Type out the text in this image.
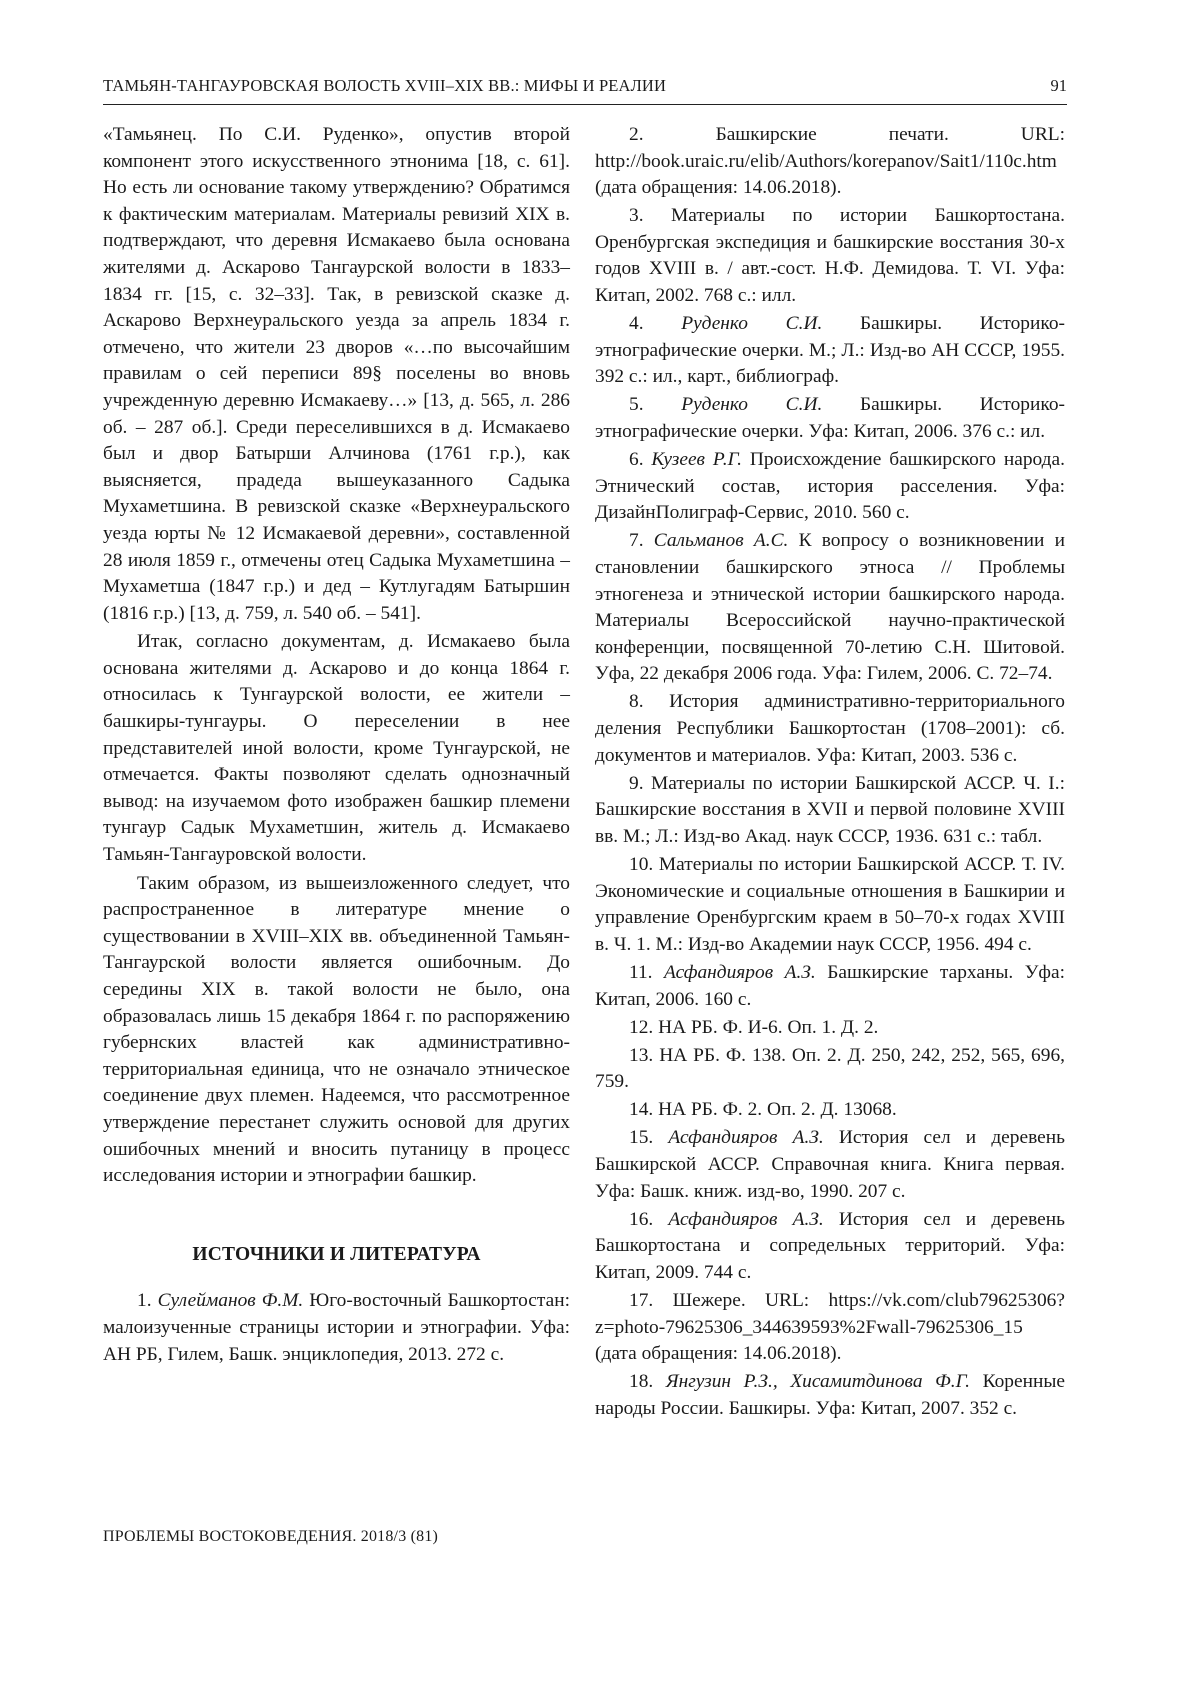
ТАМЬЯН-ТАНГАУРОВСКАЯ ВОЛОСТЬ XVIII–XIX ВВ.: МИФЫ И РЕАЛИИ	91

«Тамьянец. По С.И. Руденко», опустив второй компонент этого искусственного этнонима [18, с. 61]. Но есть ли основание такому утверждению? Обратимся к фактическим материалам. Материалы ревизий XIX в. подтверждают, что деревня Исмакаево была основана жителями д. Аскарово Тангаурской волости в 1833–1834 гг. [15, с. 32–33]. Так, в ревизской сказке д. Аскарово Верхнеуральского уезда за апрель 1834 г. отмечено, что жители 23 дворов «…по высочайшим правилам о сей переписи 89§ поселены во вновь учрежденную деревню Исмакаеву…» [13, д. 565, л. 286 об. – 287 об.]. Среди переселившихся в д. Исмакаево был и двор Батырши Алчинова (1761 г.р.), как выясняется, прадеда вышеуказанного Садыка Мухаметшина. В ревизской сказке «Верхнеуральского уезда юрты № 12 Исмакаевой деревни», составленной 28 июля 1859 г., отмечены отец Садыка Мухаметшина – Мухаметша (1847 г.р.) и дед – Кутлугадям Батыршин (1816 г.р.) [13, д. 759, л. 540 об. – 541].

Итак, согласно документам, д. Исмакаево была основана жителями д. Аскарово и до конца 1864 г. относилась к Тунгаурской волости, ее жители – башкиры-тунгауры. О переселении в нее представителей иной волости, кроме Тунгаурской, не отмечается. Факты позволяют сделать однозначный вывод: на изучаемом фото изображен башкир племени тунгаур Садык Мухаметшин, житель д. Исмакаево Тамьян-Тангауровской волости.

Таким образом, из вышеизложенного следует, что распространенное в литературе мнение о существовании в XVIII–XIX вв. объединенной Тамьян-Тангаурской волости является ошибочным. До середины XIX в. такой волости не было, она образовалась лишь 15 декабря 1864 г. по распоряжению губернских властей как административно-территориальная единица, что не означало этническое соединение двух племен. Надеемся, что рассмотренное утверждение перестанет служить основой для других ошибочных мнений и вносить путаницу в процесс исследования истории и этнографии башкир.

ИСТОЧНИКИ И ЛИТЕРАТУРА

1. Сулейманов Ф.М. Юго-восточный Башкортостан: малоизученные страницы истории и этнографии. Уфа: АН РБ, Гилем, Башк. энциклопедия, 2013. 272 с.

2.	Башкирские печати. URL: http://book.uraic.ru/elib/Authors/korepanov/Sait1/110c.htm (дата обращения: 14.06.2018).

3. Материалы по истории Башкортостана. Оренбургская экспедиция и башкирские восстания 30-х годов XVIII в. / авт.-сост. Н.Ф. Демидова. Т. VI. Уфа: Китап, 2002. 768 с.: илл.

4. Руденко С.И. Башкиры. Историко-этнографические очерки. М.; Л.: Изд-во АН СССР, 1955. 392 с.: ил., карт., библиограф.

5. Руденко С.И. Башкиры. Историко-этнографические очерки. Уфа: Китап, 2006. 376 с.: ил.

6. Кузеев Р.Г. Происхождение башкирского народа. Этнический состав, история расселения. Уфа: ДизайнПолиграф-Сервис, 2010. 560 с.

7. Сальманов А.С. К вопросу о возникновении и становлении башкирского этноса // Проблемы этногенеза и этнической истории башкирского народа. Материалы Всероссийской научно-практической конференции, посвященной 70-летию С.Н. Шитовой. Уфа, 22 декабря 2006 года. Уфа: Гилем, 2006. С. 72–74.

8. История административно-территориального деления Республики Башкортостан (1708–2001): сб. документов и материалов. Уфа: Китап, 2003. 536 с.

9. Материалы по истории Башкирской АССР. Ч. I.: Башкирские восстания в XVII и первой половине XVIII вв. М.; Л.: Изд-во Акад. наук СССР, 1936. 631 с.: табл.

10. Материалы по истории Башкирской АССР. Т. IV. Экономические и социальные отношения в Башкирии и управление Оренбургским краем в 50–70-х годах XVIII в. Ч. 1. М.: Изд-во Академии наук СССР, 1956. 494 с.

11. Асфандияров А.З. Башкирские тарханы. Уфа: Китап, 2006. 160 с.

12. НА РБ. Ф. И-6. Оп. 1. Д. 2.

13. НА РБ. Ф. 138. Оп. 2. Д. 250, 242, 252, 565, 696, 759.

14. НА РБ. Ф. 2. Оп. 2. Д. 13068.

15. Асфандияров А.З. История сел и деревень Башкирской АССР. Справочная книга. Книга первая. Уфа: Башк. книж. изд-во, 1990. 207 с.

16. Асфандияров А.З. История сел и деревень Башкортостана и сопредельных территорий. Уфа: Китап, 2009. 744 с.

17. Шежере. URL: https://vk.com/club79625306?z=photo-79625306_344639593%2Fwall-79625306_15 (дата обращения: 14.06.2018).

18. Янгузин Р.З., Хисамитдинова Ф.Г. Коренные народы России. Башкиры. Уфа: Китап, 2007. 352 с.

ПРОБЛЕМЫ ВОСТОКОВЕДЕНИЯ. 2018/3 (81)
